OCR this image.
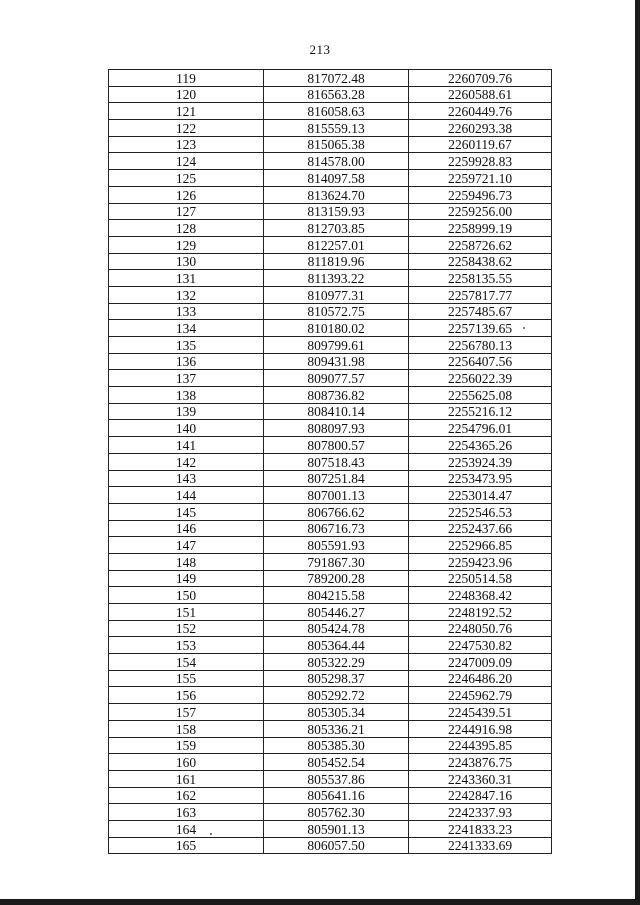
213
119	817072.48	2260709.76
120	816563.28	2260588.61
121	816058.63	2260449.76
122	815559.13	2260293.38
123	815065.38	2260119.67
124	814578.00	2259928.83
125	814097.58	2259721.10
126	813624.70	2259496.73
127	813159.93	2259256.00
128	812703.85	2258999.19
129	812257.01	2258726.62
130	811819.96	2258438.62
131	811393.22	2258135.55
132	810977.31	2257817.77
133	810572.75	2257485.67
134	810180.02	2257139.65
135	809799.61	2256780.13
136	809431.98	2256407.56
137	809077.57	2256022.39
138	808736.82	2255625.08
139	808410.14	2255216.12
140	808097.93	2254796.01
141	807800.57	2254365.26
142	807518.43	2253924.39
143	807251.84	2253473.95
144	807001.13	2253014.47
145	806766.62	2252546.53
146	806716.73	2252437.66
147	805591.93	2252966.85
148	791867.30	2259423.96
149	789200.28	2250514.58
150	804215.58	2248368.42
151	805446.27	2248192.52
152	805424.78	2248050.76
153	805364.44	2247530.82
154	805322.29	2247009.09
155	805298.37	2246486.20
156	805292.72	2245962.79
157	805305.34	2245439.51
158	805336.21	2244916.98
159	805385.30	2244395.85
160	805452.54	2243876.75
161	805537.86	2243360.31
162	805641.16	2242847.16
163	805762.30	2242337.93
164	805901.13	2241833.23
165	806057.50	2241333.69
